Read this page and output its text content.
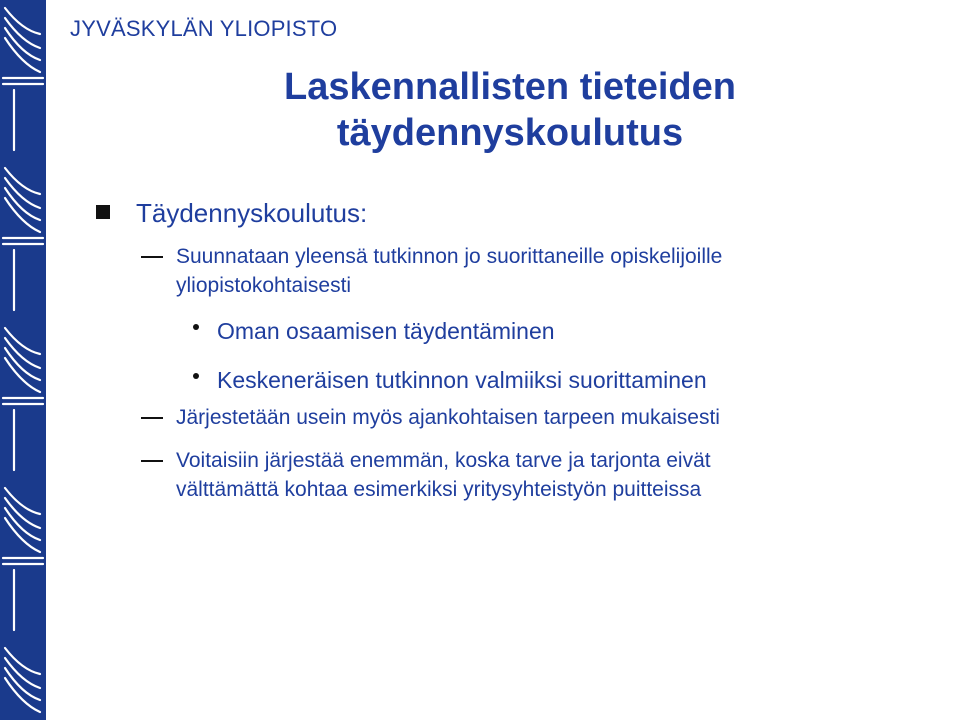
JYVÄSKYLÄN YLIOPISTO
Laskennallisten tieteiden
täydennyskoulutus
Täydennyskoulutus:
Suunnataan yleensä tutkinnon jo suorittaneille opiskelijoille
yliopistokohtaisesti
Oman osaamisen täydentäminen
Keskeneräisen tutkinnon valmiiksi suorittaminen
Järjestetään usein myös ajankohtaisen tarpeen mukaisesti
Voitaisiin järjestää enemmän, koska tarve ja tarjonta eivät
välttämättä kohtaa esimerkiksi yritysyhteistyön puitteissa
